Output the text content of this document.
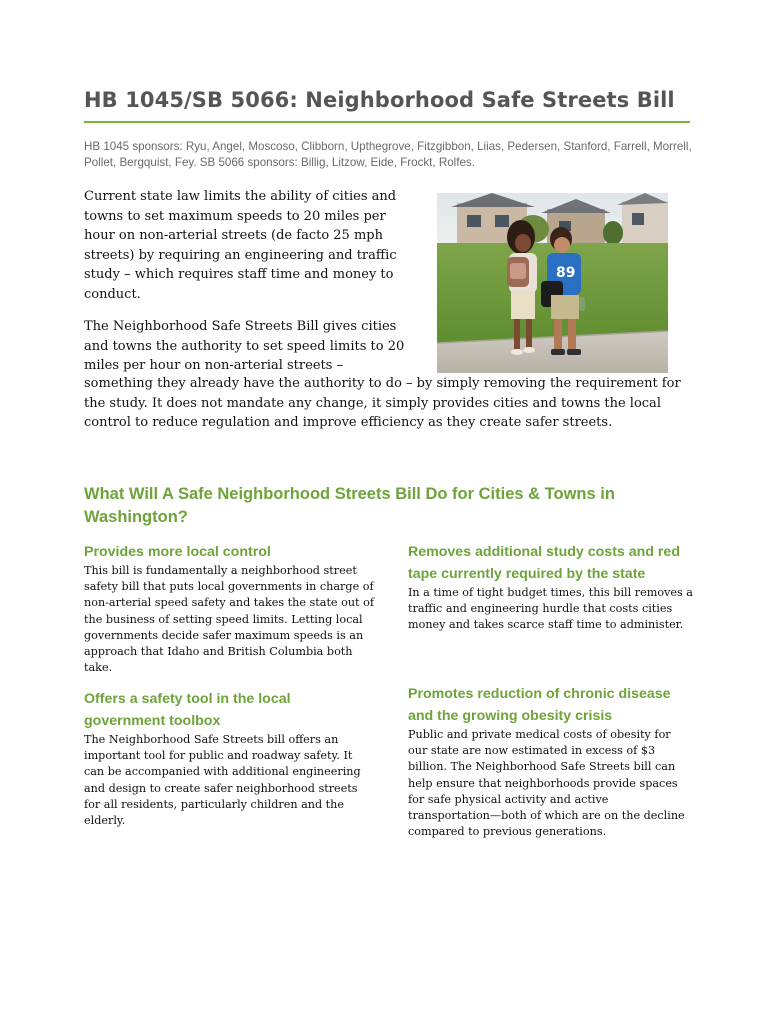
HB 1045/SB 5066: Neighborhood Safe Streets Bill

HB 1045 sponsors: Ryu, Angel, Moscoso, Clibborn, Upthegrove, Fitzgibbon, Liias, Pedersen, Stanford, Farrell, Morrell, Pollet, Bergquist, Fey. SB 5066 sponsors: Billig, Litzow, Eide, Frockt, Rolfes.

Current state law limits the ability of cities and towns to set maximum speeds to 20 miles per hour on non-arterial streets (de facto 25 mph streets) by requiring an engineering and traffic study – which requires staff time and money to conduct.

The Neighborhood Safe Streets Bill gives cities and towns the authority to set speed limits to 20 miles per hour on non-arterial streets –

something they already have the authority to do – by simply removing the requirement for the study. It does not mandate any change, it simply provides cities and towns the local control to reduce regulation and improve efficiency as they create safer streets.

89
What Will A Safe Neighborhood Streets Bill Do for Cities & Towns in Washington?
Provides more local control

This bill is fundamentally a neighborhood street safety bill that puts local governments in charge of non-arterial speed safety and takes the state out of the business of setting speed limits. Letting local governments decide safer maximum speeds is an approach that Idaho and British Columbia both take.

Offers a safety tool in the local government toolbox

The Neighborhood Safe Streets bill offers an important tool for public and roadway safety. It can be accompanied with additional engineering and design to create safer neighborhood streets for all residents, particularly children and the elderly.

Removes additional study costs and red tape currently required by the state

In a time of tight budget times, this bill removes a traffic and engineering hurdle that costs cities money and takes scarce staff time to administer.

Promotes reduction of chronic disease and the growing obesity crisis

Public and private medical costs of obesity for our state are now estimated in excess of $3 billion. The Neighborhood Safe Streets bill can help ensure that neighborhoods provide spaces for safe physical activity and active transportation—both of which are on the decline compared to previous generations.
